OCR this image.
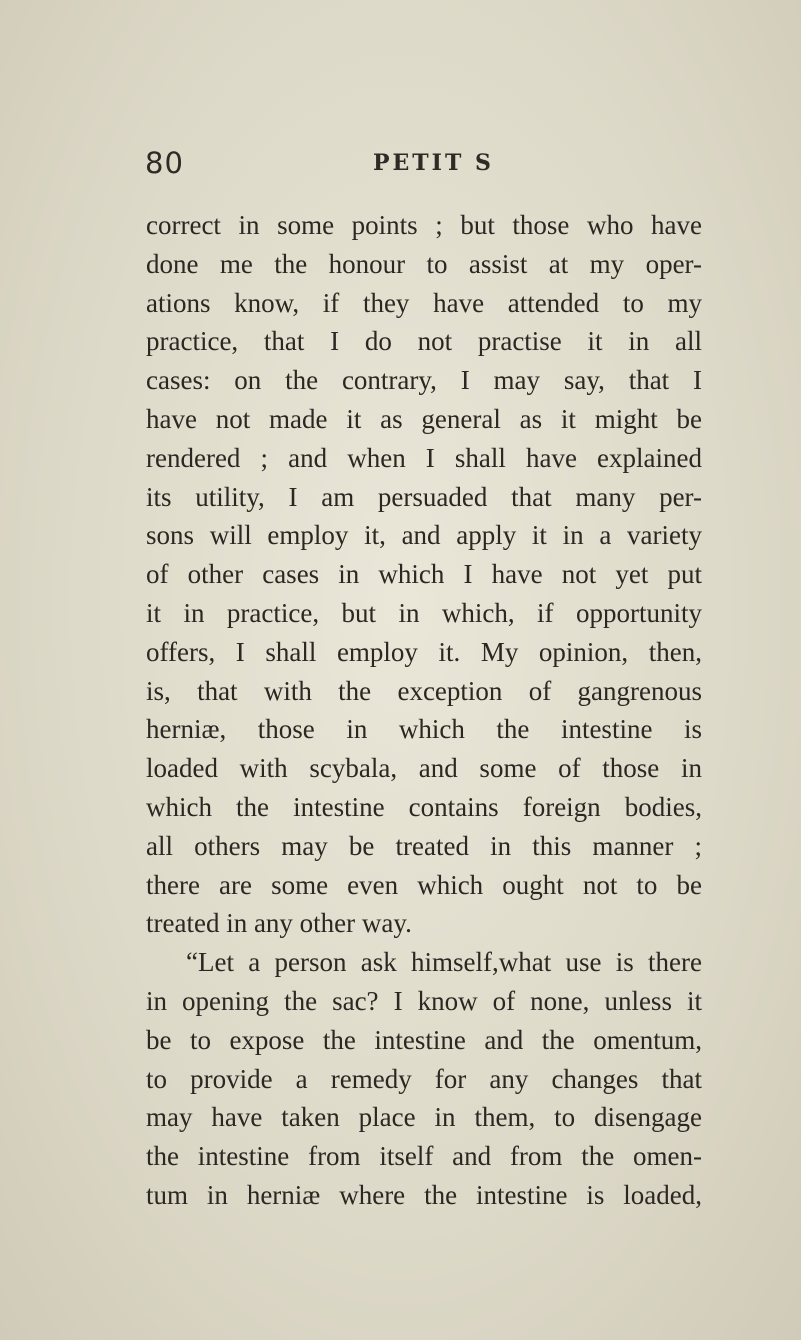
80	PETIT S
correct in some points ; but those who have
done me the honour to assist at my oper-
ations know, if they have attended to my
practice, that I do not practise it in all
cases: on the contrary, I may say, that I
have not made it as general as it might be
rendered ; and when I shall have explained
its utility, I am persuaded that many per-
sons will employ it, and apply it in a variety
of other cases in which I have not yet put
it in practice, but in which, if opportunity
offers, I shall employ it. My opinion, then,
is, that with the exception of gangrenous
herniæ, those in which the intestine is
loaded with scybala, and some of those in
which the intestine contains foreign bodies,
all others may be treated in this manner ;
there are some even which ought not to be
treated in any other way.
“Let a person ask himself,what use is there
in opening the sac? I know of none, unless it
be to expose the intestine and the omentum,
to provide a remedy for any changes that
may have taken place in them, to disengage
the intestine from itself and from the omen-
tum in herniæ where the intestine is loaded,
